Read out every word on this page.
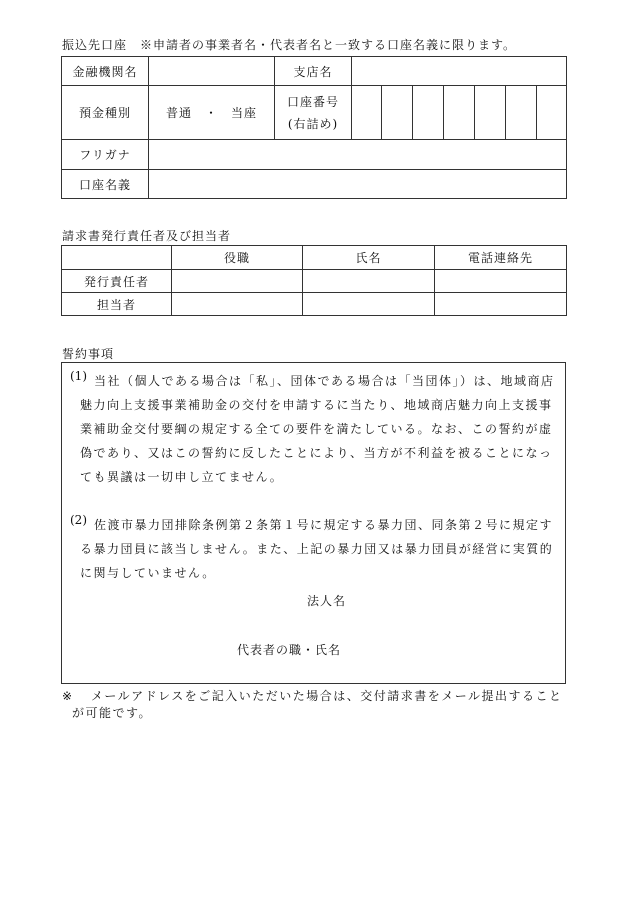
振込先口座　※申請者の事業者名・代表者名と一致する口座名義に限ります。
金融機関名		支店名							
預金種別	普通　・　当座	口座番号
(右詰め)							

フリガナ									
口座名義									
請求書発行責任者及び担当者
	役職	氏名	電話連絡先
発行責任者			
担当者			
誓約事項
(1) 当社（個人である場合は「私」、団体である場合は「当団体」）は、地域商店
魅力向上支援事業補助金の交付を申請するに当たり、地域商店魅力向上支援事
業補助金交付要綱の規定する全ての要件を満たしている。なお、この誓約が虚
偽であり、又はこの誓約に反したことにより、当方が不利益を被ることになっ
ても異議は一切申し立てません。
(2) 佐渡市暴力団排除条例第２条第１号に規定する暴力団、同条第２号に規定す
る暴力団員に該当しません。また、上記の暴力団又は暴力団員が経営に実質的
に関与していません。
法人名
代表者の職・氏名
※ メールアドレスをご記入いただいた場合は、交付請求書をメール提出すること
が可能です。
